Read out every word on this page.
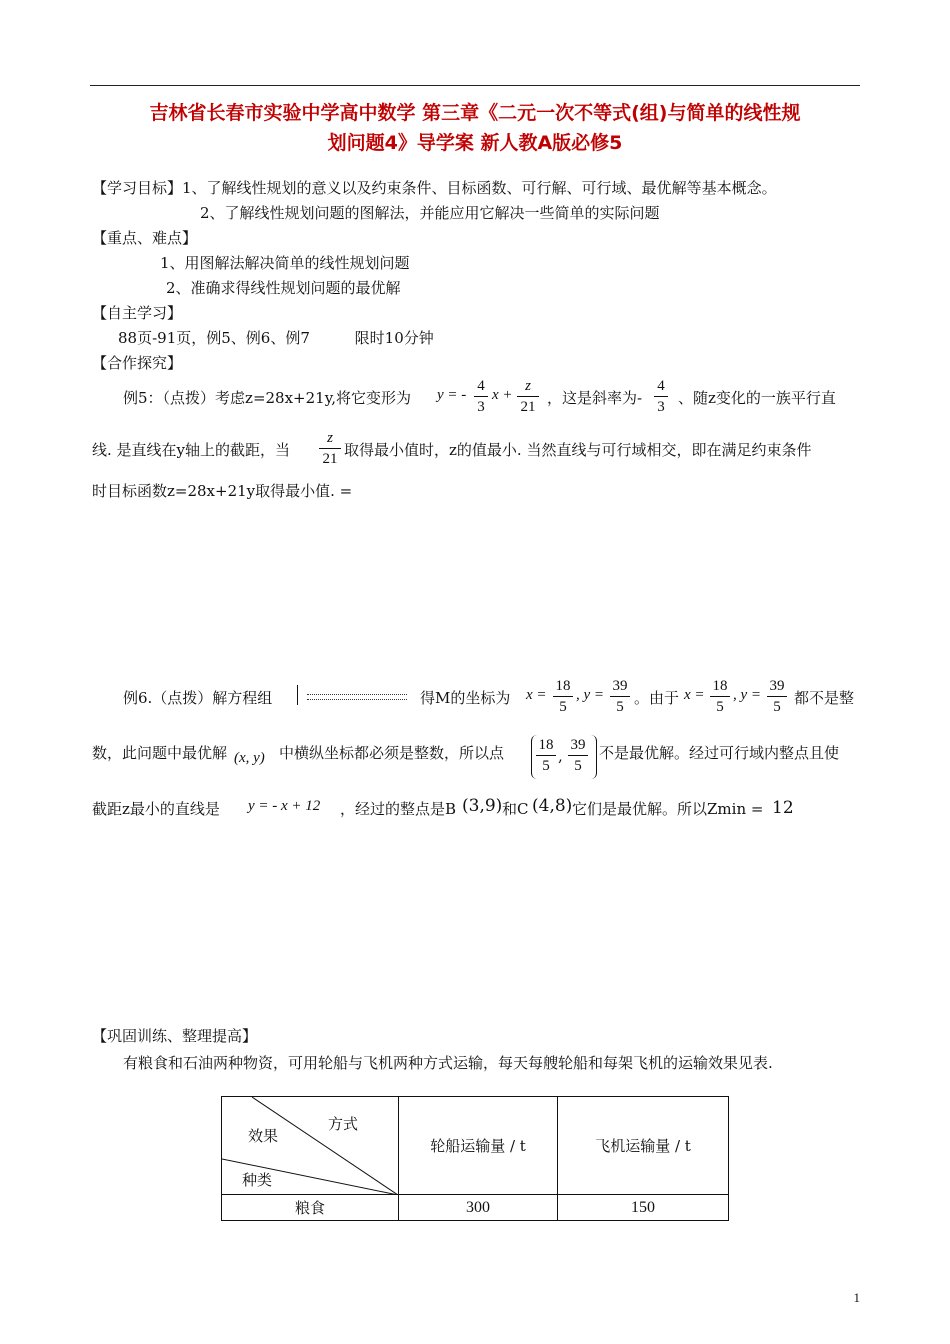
吉林省长春市实验中学高中数学 第三章《二元一次不等式(组)与简单的线性规
划问题4》导学案 新人教A版必修5
【学习目标】1、了解线性规划的意义以及约束条件、目标函数、可行解、可行域、最优解等基本概念。
2、了解线性规划问题的图解法，并能应用它解决一些简单的实际问题
【重点、难点】
1、用图解法解决简单的线性规划问题
2、准确求得线性规划问题的最优解
【自主学习】
88页-91页，例5、例6、例7	限时10分钟
【合作探究】
例5：（点拨）考虑z=28x+21y,将它变形为 y = -
4
3
x +
z
21 ，这是斜率为-
4
3 、随z变化的一族平行直
线. 是直线在y轴上的截距，当
z
21 取得最小值时，z的值最小. 当然直线与可行域相交，即在满足约束条件
时目标函数z=28x+21y取得最小值. =
例6.（点拨）解方程组	得M的坐标为 x =
18
5
, y =
39
5 。由于 x =
18
5
, y =
39
5 都不是整
数，此问题中最优解 (x, y) 中横纵坐标都必须是整数，所以点 18
5
,
39
5
不是最优解。经过可行域内整点且使
截距z最小的直线是 y = - x + 12 ，经过的整点是B (3,9) 和C (4,8) 它们是最优解。所以Zmin = 12
【巩固训练、整理提高】
有粮食和石油两种物资，可用轮船与飞机两种方式运输，每天每艘轮船和每架飞机的运输效果见表.
方式
效果
种类	轮船运输量 / t	飞机运输量 / t
粮食	300	150
1
